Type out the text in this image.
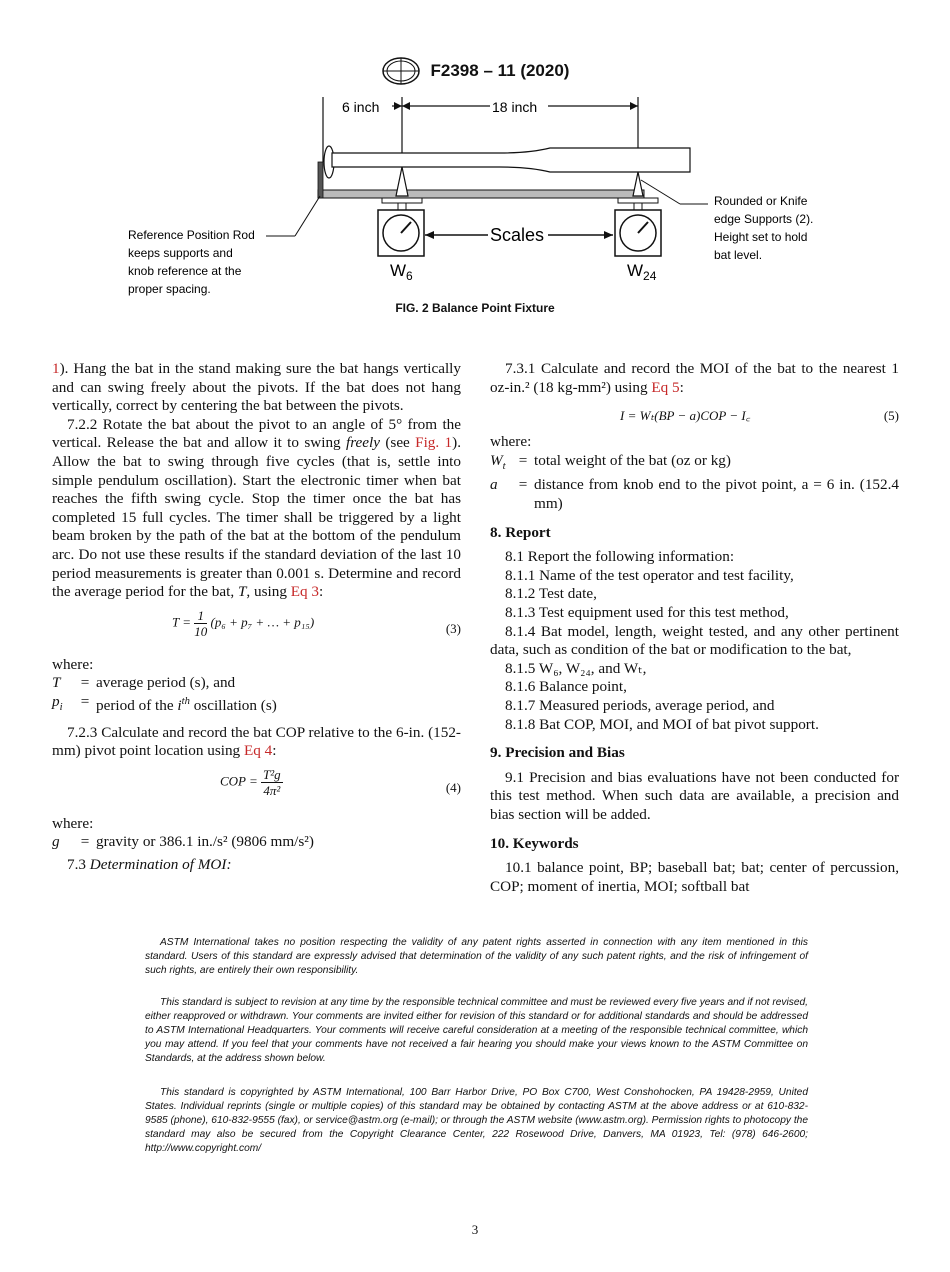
F2398 – 11 (2020)
6 inch	18 inch
$W_6$	$W_{24}$
Scales
Reference Position Rod keeps supports and knob reference at the proper spacing.
Rounded or Knife edge Supports (2). Height set to hold bat level.
FIG. 2 Balance Point Fixture

1). Hang the bat in the stand making sure the bat hangs vertically and can swing freely about the pivots. If the bat does not hang vertically, correct by centering the bat between the pivots.

7.2.2 Rotate the bat about the pivot to an angle of 5° from the vertical. Release the bat and allow it to swing freely (see Fig. 1). Allow the bat to swing through five cycles (that is, settle into simple pendulum oscillation). Start the electronic timer when bat reaches the fifth swing cycle. Stop the timer once the bat has completed 15 full cycles. The timer shall be triggered by a light beam broken by the path of the bat at the bottom of the pendulum arc. Do not use these results if the standard deviation of the last 10 period measurements is greater than 0.001 s. Determine and record the average period for the bat, T, using Eq 3:

$T = \frac{1}{10} (p_6 + p_7$ + … + p₁₅)	(3)

where:

T	= average period (s), and
$p_i$	= period of the $i^{th}$ oscillation (s)

7.2.3 Calculate and record the bat COP relative to the 6-in. (152-mm) pivot point location using Eq 4:

COP = $\frac{\text{T²g}}{\text{4π²}}$	(4)

where:

g	= gravity or 386.1 in./s² (9806 mm/s²)

7.3 Determination of MOI:

7.3.1 Calculate and record the MOI of the bat to the nearest 1 oz-in.² (18 kg-mm²) using Eq 5:

I = Wₜ(BP − a)COP − I꜀	(5)

where:

$W_t$ = total weight of the bat (oz or kg)
a	= distance from knob end to the pivot point, a = 6 in. (152.4 mm)
8. Report

8.1 Report the following information:

8.1.1 Name of the test operator and test facility,

8.1.2 Test date,

8.1.3 Test equipment used for this test method,

8.1.4 Bat model, length, weight tested, and any other pertinent data, such as condition of the bat or modification to the bat,

8.1.5 W₆, W₂₄, and Wₜ,

8.1.6 Balance point,

8.1.7 Measured periods, average period, and

8.1.8 Bat COP, MOI, and MOI of bat pivot support.

9. Precision and Bias

9.1 Precision and bias evaluations have not been conducted for this test method. When such data are available, a precision and bias section will be added.

10. Keywords

10.1 balance point, BP; baseball bat; bat; center of percussion, COP; moment of inertia, MOI; softball bat

ASTM International takes no position respecting the validity of any patent rights asserted in connection with any item mentioned in this standard. Users of this standard are expressly advised that determination of the validity of any such patent rights, and the risk of infringement of such rights, are entirely their own responsibility.

This standard is subject to revision at any time by the responsible technical committee and must be reviewed every five years and if not revised, either reapproved or withdrawn. Your comments are invited either for revision of this standard or for additional standards and should be addressed to ASTM International Headquarters. Your comments will receive careful consideration at a meeting of the responsible technical committee, which you may attend. If you feel that your comments have not received a fair hearing you should make your views known to the ASTM Committee on Standards, at the address shown below.

This standard is copyrighted by ASTM International, 100 Barr Harbor Drive, PO Box C700, West Conshohocken, PA 19428-2959, United States. Individual reprints (single or multiple copies) of this standard may be obtained by contacting ASTM at the above address or at 610-832-9585 (phone), 610-832-9555 (fax), or service@astm.org (e-mail); or through the ASTM website (www.astm.org). Permission rights to photocopy the standard may also be secured from the Copyright Clearance Center, 222 Rosewood Drive, Danvers, MA 01923, Tel: (978) 646-2600; http://www.copyright.com/

3
